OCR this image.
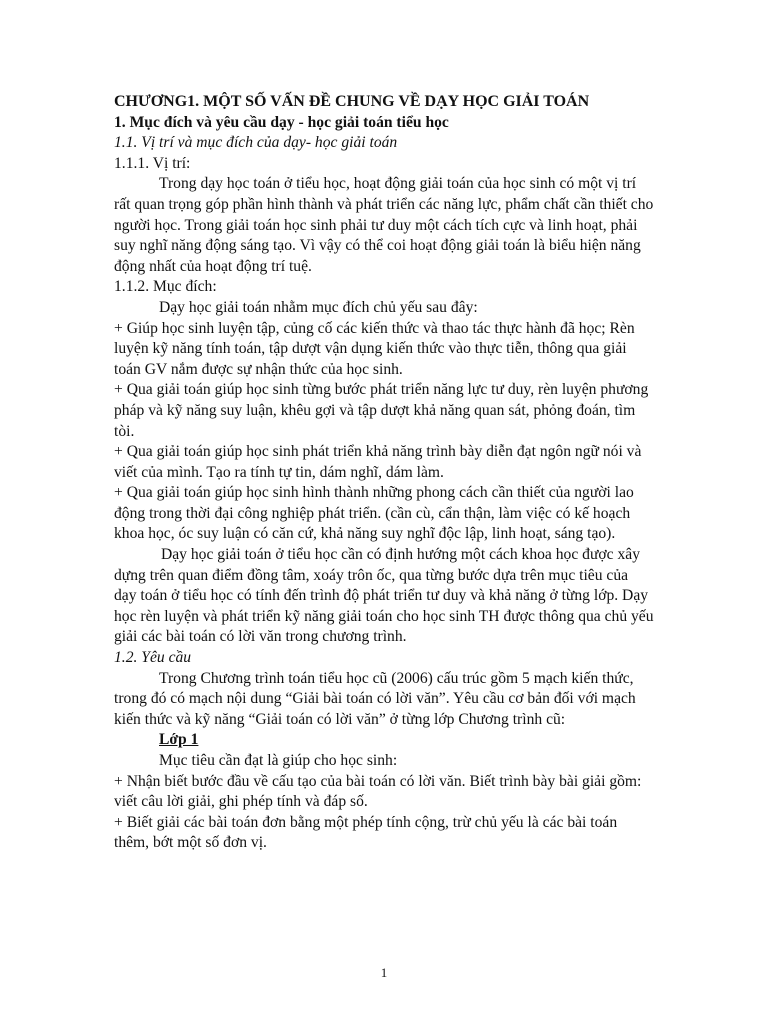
CHƯƠNG1. MỘT SỐ VẤN ĐỀ CHUNG VỀ DẠY HỌC GIẢI TOÁN

1. Mục đích và yêu cầu dạy - học giải toán tiểu học

1.1. Vị trí và mục đích của dạy- học giải toán

1.1.1. Vị trí:

Trong dạy học toán ở tiểu học, hoạt động giải toán của học sinh có một vị trí rất quan trọng góp phần hình thành và phát triển các năng lực, phẩm chất cần thiết cho người học. Trong giải toán học sinh phải tư duy một cách tích cực và linh hoạt, phải suy nghĩ năng động sáng tạo. Vì vậy có thể coi hoạt động giải toán là biểu hiện năng động nhất của hoạt động trí tuệ.

1.1.2. Mục đích:

Dạy học giải toán nhằm mục đích chủ yếu sau đây:

+ Giúp học sinh luyện tập, củng cố các kiến thức và thao tác thực hành đã học; Rèn luyện kỹ năng tính toán, tập dượt vận dụng kiến thức vào thực tiễn, thông qua giải toán GV nắm được sự nhận thức của học sinh.

+ Qua giải toán giúp học sinh từng bước phát triển năng lực tư duy, rèn luyện phương pháp và kỹ năng suy luận, khêu gợi và tập dượt khả năng quan sát, phỏng đoán, tìm tòi.

+ Qua giải toán giúp học sinh phát triển khả năng trình bày diễn đạt ngôn ngữ nói và viết của mình. Tạo ra tính tự tin, dám nghĩ, dám làm.

+ Qua giải toán giúp học sinh hình thành những phong cách cần thiết của người lao động trong thời đại công nghiệp phát triển. (cần cù, cẩn thận, làm việc có kế hoạch khoa học, óc suy luận có căn cứ, khả năng suy nghĩ độc lập, linh hoạt, sáng tạo).

Dạy học giải toán ở tiểu học cần có định hướng một cách khoa học được xây dựng trên quan điểm đồng tâm, xoáy trôn ốc, qua từng bước dựa trên mục tiêu của dạy toán ở tiểu học có tính đến trình độ phát triển tư duy và khả năng ở từng lớp. Dạy học rèn luyện và phát triển kỹ năng giải toán cho học sinh TH được thông qua chủ yếu giải các bài toán có lời văn trong chương trình.

1.2. Yêu cầu

Trong Chương trình toán tiểu học cũ (2006) cấu trúc gồm 5 mạch kiến thức, trong đó có mạch nội dung “Giải bài toán có lời văn”. Yêu cầu cơ bản đối với mạch kiến thức và kỹ năng “Giải toán có lời văn” ở từng lớp Chương trình cũ:

Lớp 1

Mục tiêu cần đạt là giúp cho học sinh:

+ Nhận biết bước đầu về cấu tạo của bài toán có lời văn. Biết trình bày bài giải gồm: viết câu lời giải, ghi phép tính và đáp số.

+ Biết giải các bài toán đơn bằng một phép tính cộng, trừ chủ yếu là các bài toán thêm, bớt một số đơn vị.

1
